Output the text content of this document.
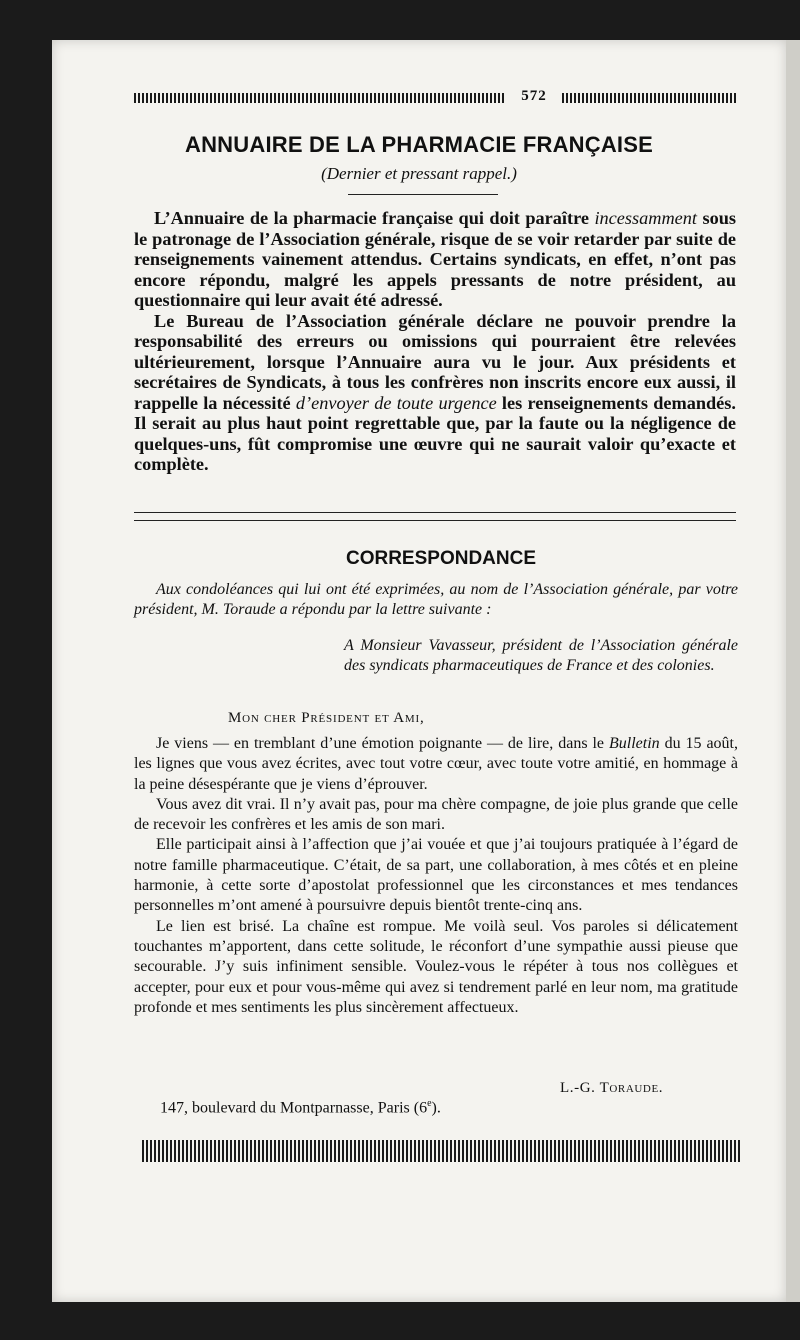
572
ANNUAIRE DE LA PHARMACIE FRANÇAISE
(Dernier et pressant rappel.)

L’Annuaire de la pharmacie française qui doit paraître incessamment sous le patronage de l’Association générale, risque de se voir retarder par suite de renseignements vainement attendus. Certains syndicats, en effet, n’ont pas encore répondu, malgré les appels pressants de notre président, au questionnaire qui leur avait été adressé.

Le Bureau de l’Association générale déclare ne pouvoir prendre la responsabilité des erreurs ou omissions qui pourraient être relevées ultérieurement, lorsque l’Annuaire aura vu le jour. Aux présidents et secrétaires de Syndicats, à tous les confrères non inscrits encore eux aussi, il rappelle la nécessité d’envoyer de toute urgence les renseignements demandés. Il serait au plus haut point regrettable que, par la faute ou la négligence de quelques-uns, fût compromise une œuvre qui ne saurait valoir qu’exacte et complète.

CORRESPONDANCE

Aux condoléances qui lui ont été exprimées, au nom de l’Association générale, par votre président, M. Toraude a répondu par la lettre suivante :

A Monsieur Vavasseur, président de l’Association générale des syndicats pharmaceutiques de France et des colonies.
Mon cher Président et Ami,

Je viens — en tremblant d’une émotion poignante — de lire, dans le Bulletin du 15 août, les lignes que vous avez écrites, avec tout votre cœur, avec toute votre amitié, en hommage à la peine désespérante que je viens d’éprouver.

Vous avez dit vrai. Il n’y avait pas, pour ma chère compagne, de joie plus grande que celle de recevoir les confrères et les amis de son mari.

Elle participait ainsi à l’affection que j’ai vouée et que j’ai toujours pratiquée à l’égard de notre famille pharmaceutique. C’était, de sa part, une collaboration, à mes côtés et en pleine harmonie, à cette sorte d’apostolat professionnel que les circonstances et mes tendances personnelles m’ont amené à poursuivre depuis bientôt trente-cinq ans.

Le lien est brisé. La chaîne est rompue. Me voilà seul. Vos paroles si délicatement touchantes m’apportent, dans cette solitude, le réconfort d’une sympathie aussi pieuse que secourable. J’y suis infiniment sensible. Voulez-vous le répéter à tous nos collègues et accepter, pour eux et pour vous-même qui avez si tendrement parlé en leur nom, ma gratitude profonde et mes sentiments les plus sincèrement affectueux.

L.-G. Toraude.
147, boulevard du Montparnasse, Paris (6e).
